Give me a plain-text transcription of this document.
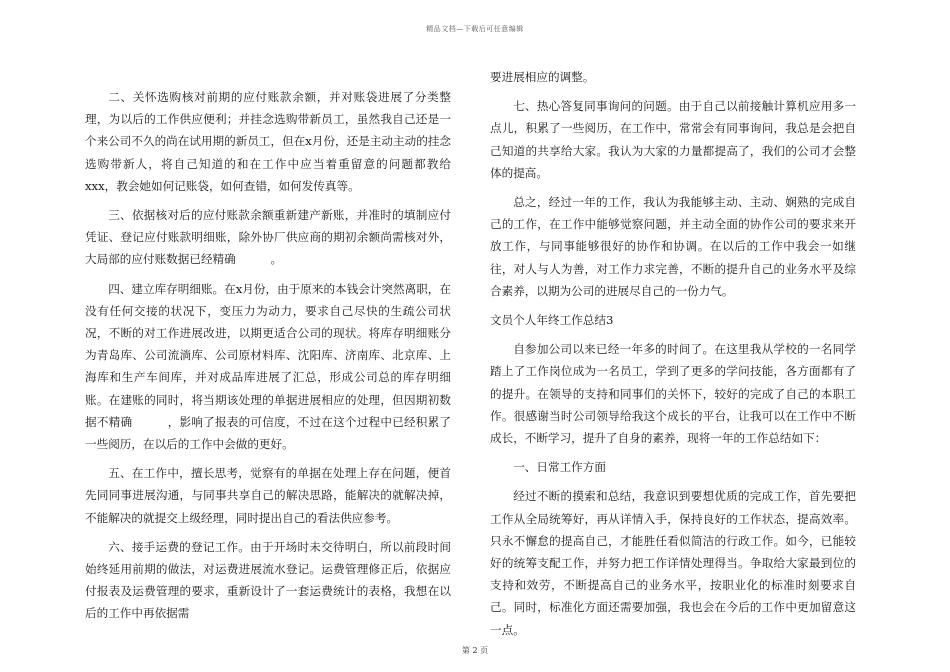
精品文档—下载后可任意编辑

二、关怀选购核对前期的应付账款余额，并对账袋进展了分类整理，为以后的工作供应便利；并挂念选购带新员工，虽然我自己还是一个来公司不久的尚在试用期的新员工，但在x月份，还是主动主动的挂念选购带新人，将自己知道的和在工作中应当着重留意的问题都教给xxx，教会她如何记账袋，如何查错，如何发传真等。

三、依据核对后的应付账款余额重新建产新账，并准时的填制应付凭证、登记应付账款明细账，除外协厂供应商的期初余额尚需核对外，大局部的应付账数据已经精确　　　。

四、建立库存明细账。在x月份，由于原来的本钱会计突然离职，在没有任何交接的状况下，变压力为动力，要求自己尽快的生疏公司状况，不断的对工作进展改进，以期更适合公司的现状。将库存明细账分为青岛库、公司流淌库、公司原材料库、沈阳库、济南库、北京库、上海库和生产车间库，并对成品库进展了汇总，形成公司总的库存明细账。在建账的同时，将当期该处理的单据进展相应的处理，但因期初数据不精确　　　，影响了报表的可信度，不过在这个过程中已经积累了一些阅历，在以后的工作中会做的更好。

五、在工作中，擅长思考，觉察有的单据在处理上存在问题，便首先同同事进展沟通，与同事共享自己的解决思路，能解决的就解决掉，不能解决的就提交上级经理，同时提出自己的看法供应参考。

六、接手运费的登记工作。由于开场时未交待明白，所以前段时间始终延用前期的做法，对运费进展流水登记。运费管理修正后，依据应付报表及运费管理的要求，重新设计了一套运费统计的表格，我想在以后的工作中再依据需

要进展相应的调整。

七、热心答复同事询问的问题。由于自己以前接触计算机应用多一点儿，积累了一些阅历，在工作中，常常会有同事询问，我总是会把自己知道的共享给大家。我认为大家的力量都提高了，我们的公司才会整体的提高。

总之，经过一年的工作，我认为我能够主动、主动、娴熟的完成自己的工作，在工作中能够觉察问题，并主动全面的协作公司的要求来开放工作，与同事能够很好的协作和协调。在以后的工作中我会一如继往，对人与人为善，对工作力求完善，不断的提升自己的业务水平及综合素养，以期为公司的进展尽自己的一份力气。

文员个人年终工作总结3

自参加公司以来已经一年多的时间了。在这里我从学校的一名同学踏上了工作岗位成为一名员工，学到了更多的学问技能，各方面都有了的提升。在领导的支持和同事们的关怀下，较好的完成了自己的本职工作。很感谢当时公司领导给我这个成长的平台，让我可以在工作中不断成长，不断学习，提升了自身的素养，现将一年的工作总结如下：

一、日常工作方面

经过不断的摸索和总结，我意识到要想优质的完成工作，首先要把工作从全局统筹好，再从详情入手，保持良好的工作状态，提高效率。只永不懈怠的提高自己，才能胜任看似简洁的行政工作。如今，已能较好的统筹支配工作，并努力把工作详情处理得当。争取给大家最到位的支持和效劳，不断提高自己的业务水平，按职业化的标准时刻要求自己。同时，标准化方面还需要加强，我也会在今后的工作中更加留意这一点。

第 2 页
